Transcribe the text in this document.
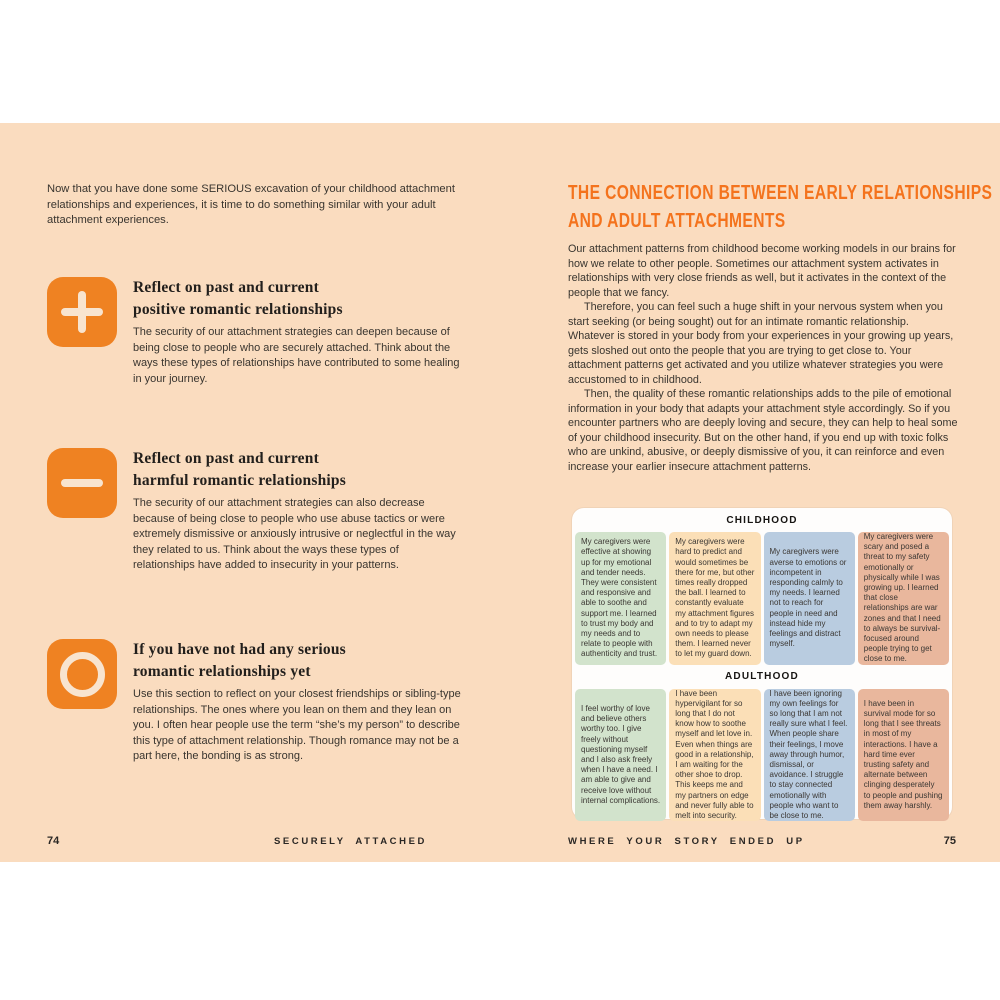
Now that you have done some SERIOUS excavation of your childhood attachment relationships and experiences, it is time to do something similar with your adult attachment experiences.
Reflect on past and current
positive romantic relationships
The security of our attachment strategies can deepen because of being close to people who are securely attached. Think about the ways these types of relationships have contributed to some healing in your journey.
Reflect on past and current
harmful romantic relationships
The security of our attachment strategies can also decrease because of being close to people who use abuse tactics or were extremely dismissive or anxiously intrusive or neglectful in the way they related to us. Think about the ways these types of relationships have added to insecurity in your patterns.
If you have not had any serious
romantic relationships yet
Use this section to reflect on your closest friendships or sibling-type relationships. The ones where you lean on them and they lean on you. I often hear people use the term “she’s my person” to describe this type of attachment relationship. Though romance may not be a part here, the bonding is as strong.
74	SECURELY ATTACHED
THE CONNECTION BETWEEN EARLY RELATIONSHIPS
AND ADULT ATTACHMENTS

Our attachment patterns from childhood become working models in our brains for how we relate to other people. Sometimes our attachment system activates in relationships with very close friends as well, but it activates in the context of the people that we fancy.

Therefore, you can feel such a huge shift in your nervous system when you start seeking (or being sought) out for an intimate romantic relationship. Whatever is stored in your body from your experiences in your growing up years, gets sloshed out onto the people that you are trying to get close to. Your attachment patterns get activated and you utilize whatever strategies you were accustomed to in childhood.

Then, the quality of these romantic relationships adds to the pile of emotional information in your body that adapts your attachment style accordingly. So if you encounter partners who are deeply loving and secure, they can help to heal some of your childhood insecurity. But on the other hand, if you end up with toxic folks who are unkind, abusive, or deeply dismissive of you, it can reinforce and even increase your earlier insecure attachment patterns.

CHILDHOOD
My caregivers were effective at showing up for my emotional and tender needs. They were consistent and responsive and able to soothe and support me. I learned to trust my body and my needs and to relate to people with authenticity and trust.
My caregivers were hard to predict and would sometimes be there for me, but other times really dropped the ball. I learned to constantly evaluate my attachment figures and to try to adapt my own needs to please them. I learned never to let my guard down.
My caregivers were averse to emotions or incompetent in responding calmly to my needs. I learned not to reach for people in need and instead hide my feelings and distract myself.
My caregivers were scary and posed a threat to my safety emotionally or physically while I was growing up. I learned that close relationships are war zones and that I need to always be survival-focused around people trying to get close to me.
ADULTHOOD
I feel worthy of love and believe others worthy too. I give freely without questioning myself and I also ask freely when I have a need. I am able to give and receive love without internal complications.
I have been hypervigilant for so long that I do not know how to soothe myself and let love in. Even when things are good in a relationship, I am waiting for the other shoe to drop. This keeps me and my partners on edge and never fully able to melt into security.
I have been ignoring my own feelings for so long that I am not really sure what I feel. When people share their feelings, I move away through humor, dismissal, or avoidance. I struggle to stay connected emotionally with people who want to be close to me.
I have been in survival mode for so long that I see threats in most of my interactions. I have a hard time ever trusting safety and alternate between clinging desperately to people and pushing them away harshly.
WHERE YOUR STORY ENDED UP	75
